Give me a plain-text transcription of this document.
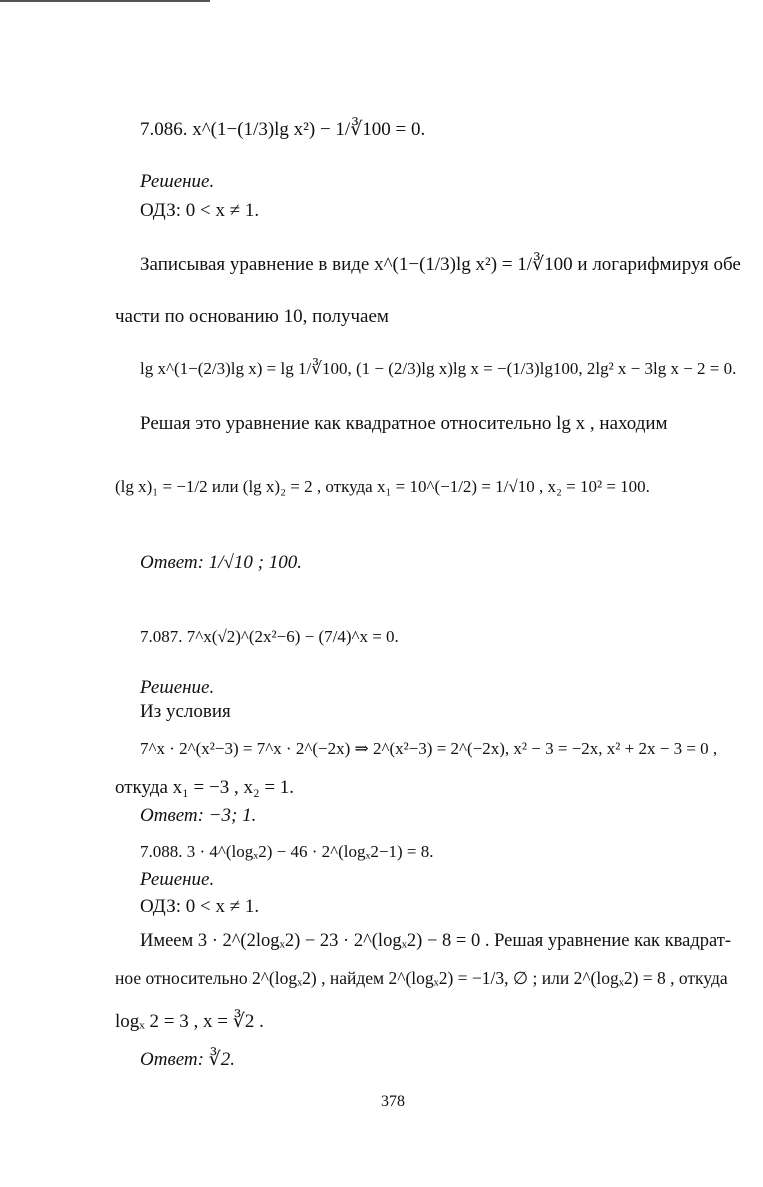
7.086. x^(1−(1/3)lg x²) − 1/∛100 = 0.
Решение.
ОДЗ: 0 < x ≠ 1.
Записывая уравнение в виде x^(1−(1/3)lg x²) = 1/∛100 и логарифмируя обе
части по основанию 10, получаем
lg x^(1−(2/3)lg x) = lg 1/∛100, (1 − (2/3)lg x)lg x = −(1/3)lg100, 2lg² x − 3lg x − 2 = 0.
Решая это уравнение как квадратное относительно lg x , находим
(lg x)₁ = −1/2 или (lg x)₂ = 2 , откуда x₁ = 10^(−1/2) = 1/√10 , x₂ = 10² = 100.
Ответ: 1/√10 ; 100.
7.087. 7^x(√2)^(2x²−6) − (7/4)^x = 0.
Решение.
Из условия
7^x · 2^(x²−3) = 7^x · 2^(−2x) ⇒ 2^(x²−3) = 2^(−2x), x² − 3 = −2x, x² + 2x − 3 = 0 ,
откуда x₁ = −3 , x₂ = 1.
Ответ: −3; 1.
7.088. 3 · 4^(logₓ2) − 46 · 2^(logₓ2−1) = 8.
Решение.
ОДЗ: 0 < x ≠ 1.
Имеем 3 · 2^(2logₓ2) − 23 · 2^(logₓ2) − 8 = 0 . Решая уравнение как квадрат-
ное относительно 2^(logₓ2) , найдем 2^(logₓ2) = −1/3, ∅ ; или 2^(logₓ2) = 8 , откуда
logₓ 2 = 3 , x = ∛2 .
Ответ: ∛2.
378
